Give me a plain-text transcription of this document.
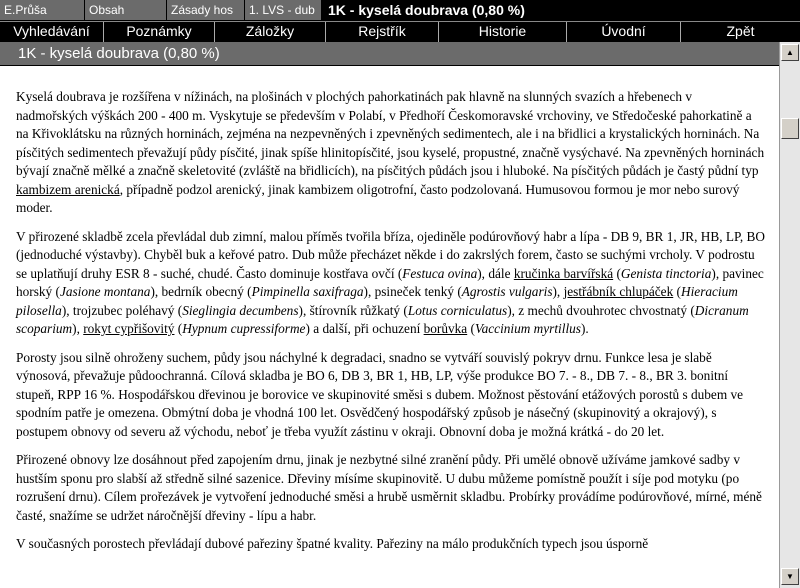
E.Průša	Obsah	Zásady hos	1. LVS - dub 1K - kyselá doubrava (0,80 %)
Vyhledávání	Poznámky	Záložky	Rejstřík	Historie	Úvodní	Zpět
1K - kyselá doubrava (0,80 %)

Kyselá doubrava je rozšířena v nížinách, na plošinách v plochých pahorkatinách pak hlavně na slunných svazích a hřebenech v nadmořských výškách 200 - 400 m. Vyskytuje se především v Polabí, v Předhoří Českomoravské vrchoviny, ve Středočeské pahorkatině a na Křivoklátsku na různých horninách, zejména na nezpevněných i zpevněných sedimentech, ale i na břidlici a krystalických horninách. Na písčitých sedimentech převažují půdy písčité, jinak spíše hlinitopísčité, jsou kyselé, propustné, značně vysýchavé. Na zpevněných horninách bývají značně mělké a značně skeletovité (zvláště na břidlicích), na písčitých půdách jsou i hluboké. Na písčitých půdách je častý půdní typ kambizem arenická, případně podzol arenický, jinak kambizem oligotrofní, často podzolovaná. Humusovou formou je mor nebo surový moder.

V přirozené skladbě zcela převládal dub zimní, malou příměs tvořila bříza, ojediněle podúrovňový habr a lípa - DB 9, BR 1, JR, HB, LP, BO (jednoduché výstavby). Chyběl buk a keřové patro. Dub může přecházet někde i do zakrslých forem, často se suchými vrcholy. V podrostu se uplatňují druhy ESR 8 - suché, chudé. Často dominuje kostřava ovčí (Festuca ovina), dále kručinka barvířská (Genista tinctoria), pavinec horský (Jasione montana), bedrník obecný (Pimpinella saxifraga), psineček tenký (Agrostis vulgaris), jestřábník chlupáček (Hieracium pilosella), trojzubec poléhavý (Sieglingia decumbens), štírovník růžkatý (Lotus corniculatus), z mechů dvouhrotec chvostnatý (Dicranum scoparium), rokyt cypřišovitý (Hypnum cupressiforme) a další, při ochuzení borůvka (Vaccinium myrtillus).

Porosty jsou silně ohroženy suchem, půdy jsou náchylné k degradaci, snadno se vytváří souvislý pokryv drnu. Funkce lesa je slabě výnosová, převažuje půdoochranná. Cílová skladba je BO 6, DB 3, BR 1, HB, LP, výše produkce BO 7. - 8., DB 7. - 8., BR 3. bonitní stupeň, RPP 16 %. Hospodářskou dřevinou je borovice ve skupinovité směsi s dubem. Možnost pěstování etážových porostů s dubem ve spodním patře je omezena. Obmýtní doba je vhodná 100 let. Osvědčený hospodářský způsob je násečný (skupinovitý a okrajový), s postupem obnovy od severu až východu, neboť je třeba využít zástinu v okraji. Obnovní doba je možná krátká - do 20 let.

Přirozené obnovy lze dosáhnout před zapojením drnu, jinak je nezbytné silné zranění půdy. Při umělé obnově užíváme jamkové sadby v hustším sponu pro slabší až středně silné sazenice. Dřeviny mísíme skupinovitě. U dubu můžeme pomístně použít i síje pod motyku (po rozrušení drnu). Cílem prořezávek je vytvoření jednoduché směsi a hrubě usměrnit skladbu. Probírky provádíme podúrovňové, mírné, méně časté, snažíme se udržet náročnější dřeviny - lípu a habr.

V současných porostech převládají dubové pařeziny špatné kvality. Pařeziny na málo produkčních typech jsou úsporně

▲
▼
